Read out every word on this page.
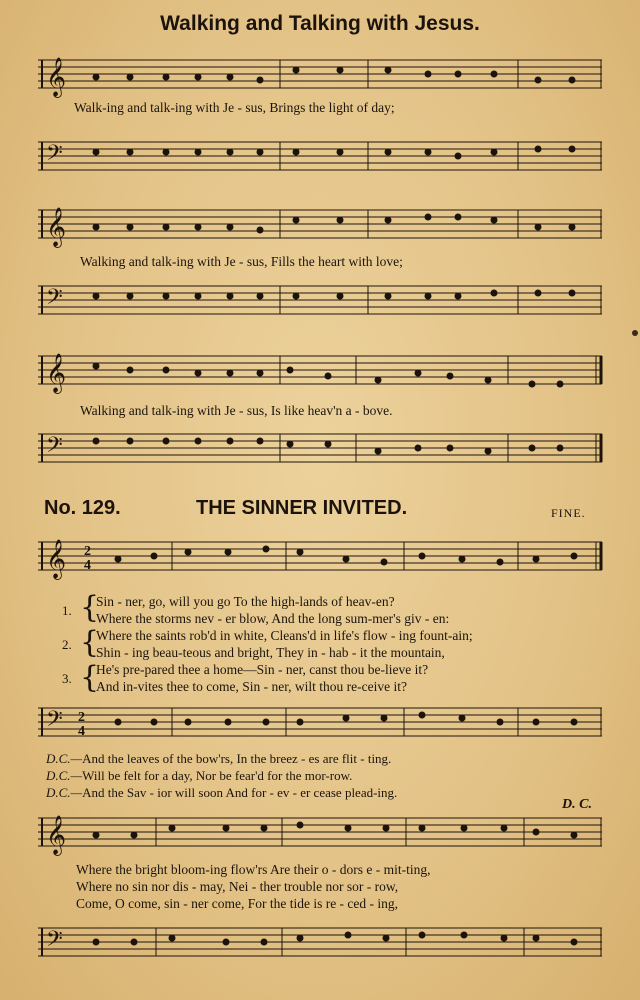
Walking and Talking with Jesus.
𝄞
Walk-ing and talk-ing with Je - sus, Brings the light of day;
𝄢
𝄞
Walking and talk-ing with Je - sus, Fills the heart with love;
𝄢
𝄞
Walking and talk-ing with Je - sus, Is like heav'n a - bove.
𝄢
No. 129.	THE SINNER INVITED.	FINE.
𝄞 2
4
{
{
{
1.
2.
3.
Sin - ner, go, will you go To the high-lands of heav-en?
Where the storms nev - er blow, And the long sum-mer's giv - en:
Where the saints rob'd in white, Cleans'd in life's flow - ing fount-ain;
Shin - ing beau-teous and bright, They in - hab - it the mountain,
He's pre-pared thee a home—Sin - ner, canst thou be-lieve it?
And in-vites thee to come, Sin - ner, wilt thou re-ceive it?
𝄢 2
4
D.C.—And the leaves of the bow'rs, In the breez - es are flit - ting.
D.C.—Will be felt for a day, Nor be fear'd for the mor-row.
D.C.—And the Sav - ior will soon And for - ev - er cease plead-ing.
D. C.
𝄞
Where the bright bloom-ing flow'rs Are their o - dors e - mit-ting,
Where no sin nor dis - may, Nei - ther trouble nor sor - row,
Come, O come, sin - ner come, For the tide is re - ced - ing,
𝄢
